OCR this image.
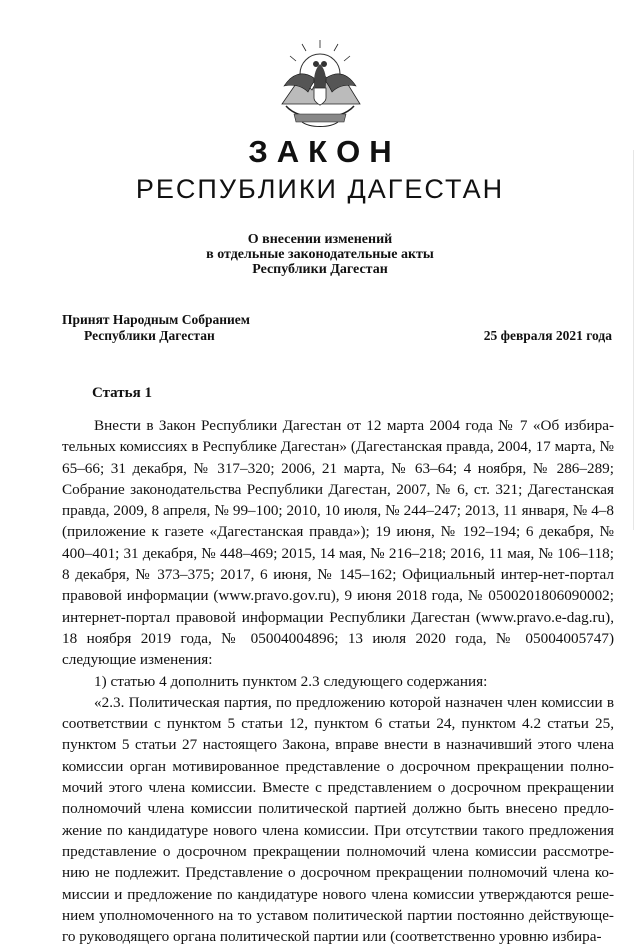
ЗАКОН
РЕСПУБЛИКИ ДАГЕСТАН
О внесении изменений
в отдельные законодательные акты
Республики Дагестан
Принят Народным Собранием
Республики Дагестан	25 февраля 2021 года
Статья 1

Внести в Закон Республики Дагестан от 12 марта 2004 года № 7 «Об избира-тельных комиссиях в Республике Дагестан» (Дагестанская правда, 2004, 17 марта, № 65–66; 31 декабря, № 317–320; 2006, 21 марта, № 63–64; 4 ноября, № 286–289; Собрание законодательства Республики Дагестан, 2007, № 6, ст. 321; Дагестанская правда, 2009, 8 апреля, № 99–100; 2010, 10 июля, № 244–247; 2013, 11 января, № 4–8 (приложение к газете «Дагестанская правда»); 19 июня, № 192–194; 6 декабря, № 400–401; 31 декабря, № 448–469; 2015, 14 мая, № 216–218; 2016, 11 мая, № 106–118; 8 декабря, № 373–375; 2017, 6 июня, № 145–162; Официальный интер-нет-портал правовой информации (www.pravo.gov.ru), 9 июня 2018 года, № 0500201806090002; интернет-портал правовой информации Республики Дагестан (www.pravo.e-dag.ru), 18 ноября 2019 года, № 05004004896; 13 июля 2020 года, № 05004005747) следующие изменения:

1) статью 4 дополнить пунктом 2.3 следующего содержания:

«2.3. Политическая партия, по предложению которой назначен член комиссии в соответствии с пунктом 5 статьи 12, пунктом 6 статьи 24, пунктом 4.2 статьи 25, пунктом 5 статьи 27 настоящего Закона, вправе внести в назначивший этого члена комиссии орган мотивированное представление о досрочном прекращении полно-мочий этого члена комиссии. Вместе с представлением о досрочном прекращении полномочий члена комиссии политической партией должно быть внесено предло-жение по кандидатуре нового члена комиссии. При отсутствии такого предложения представление о досрочном прекращении полномочий члена комиссии рассмотре-нию не подлежит. Представление о досрочном прекращении полномочий члена ко-миссии и предложение по кандидатуре нового члена комиссии утверждаются реше-нием уполномоченного на то уставом политической партии постоянно действующе-го руководящего органа политической партии или (соответственно уровню избира-
